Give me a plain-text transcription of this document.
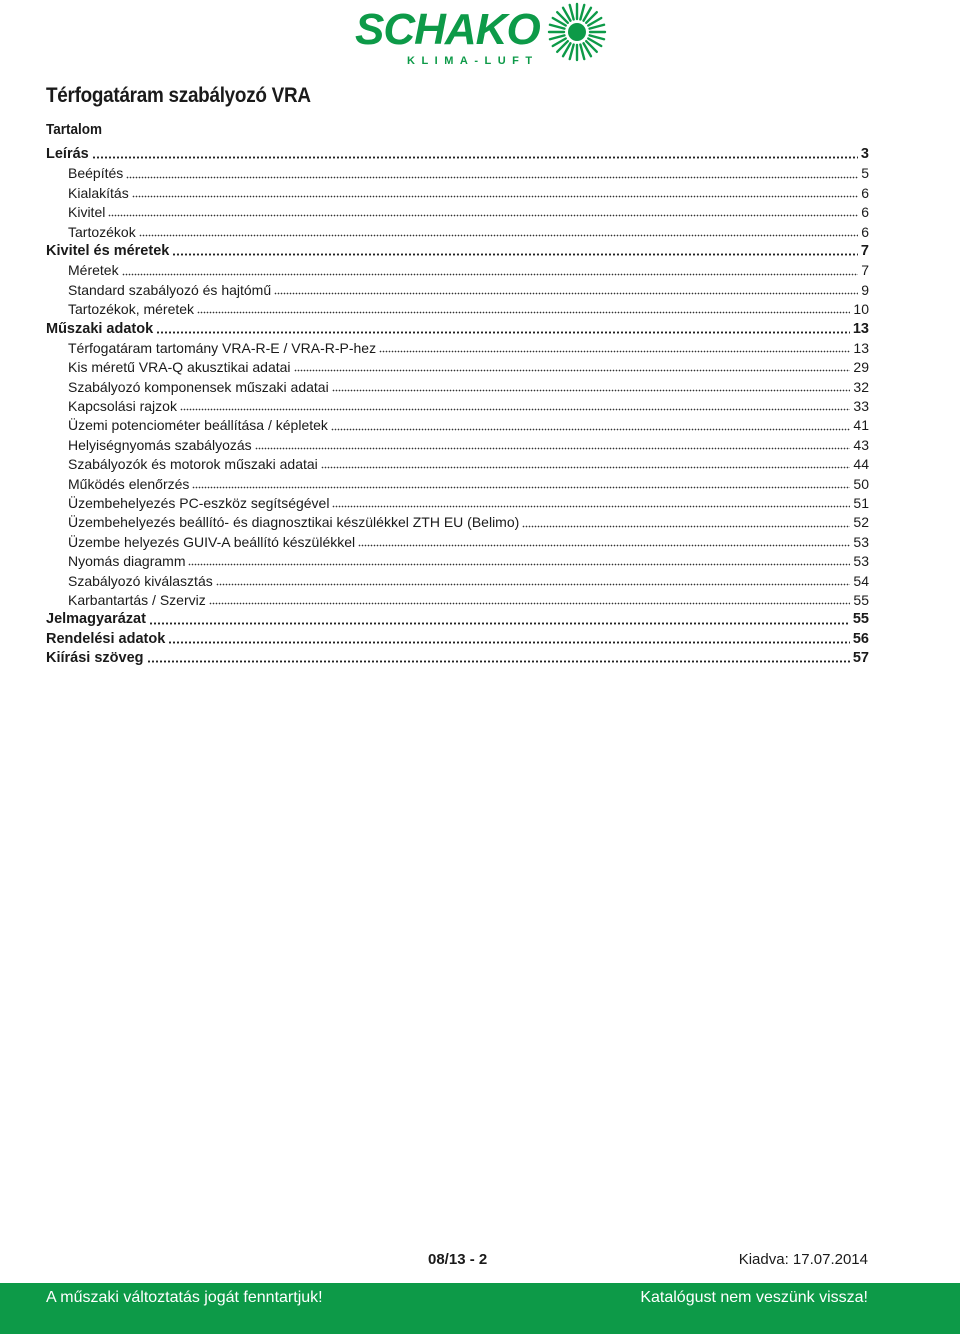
SCHAKO
KLIMA-LUFT
Térfogatáram szabályozó VRA
Tartalom
Leírás	3
Beépítés	5
Kialakítás	6
Kivitel	6
Tartozékok	6
Kivitel és méretek	7
Méretek	7
Standard szabályozó és hajtómű	9
Tartozékok, méretek	10
Műszaki adatok	13
Térfogatáram tartomány VRA-R-E / VRA-R-P-hez	13
Kis méretű VRA-Q akusztikai adatai	29
Szabályozó komponensek műszaki adatai	32
Kapcsolási rajzok	33
Üzemi potenciométer beállítása / képletek	41
Helyiségnyomás szabályozás	43
Szabályozók és motorok műszaki adatai	44
Működés elenőrzés	50
Üzembehelyezés PC-eszköz segítségével	51
Üzembehelyezés beállító- és diagnosztikai készülékkel ZTH EU (Belimo)	52
Üzembe helyezés GUIV-A beállító készülékkel	53
Nyomás diagramm	53
Szabályozó kiválasztás	54
Karbantartás / Szerviz	55
Jelmagyarázat	55
Rendelési adatok	56
Kiírási szöveg	57
08/13 - 2	Kiadva: 17.07.2014
A műszaki változtatás jogát fenntartjuk!	Katalógust nem veszünk vissza!
